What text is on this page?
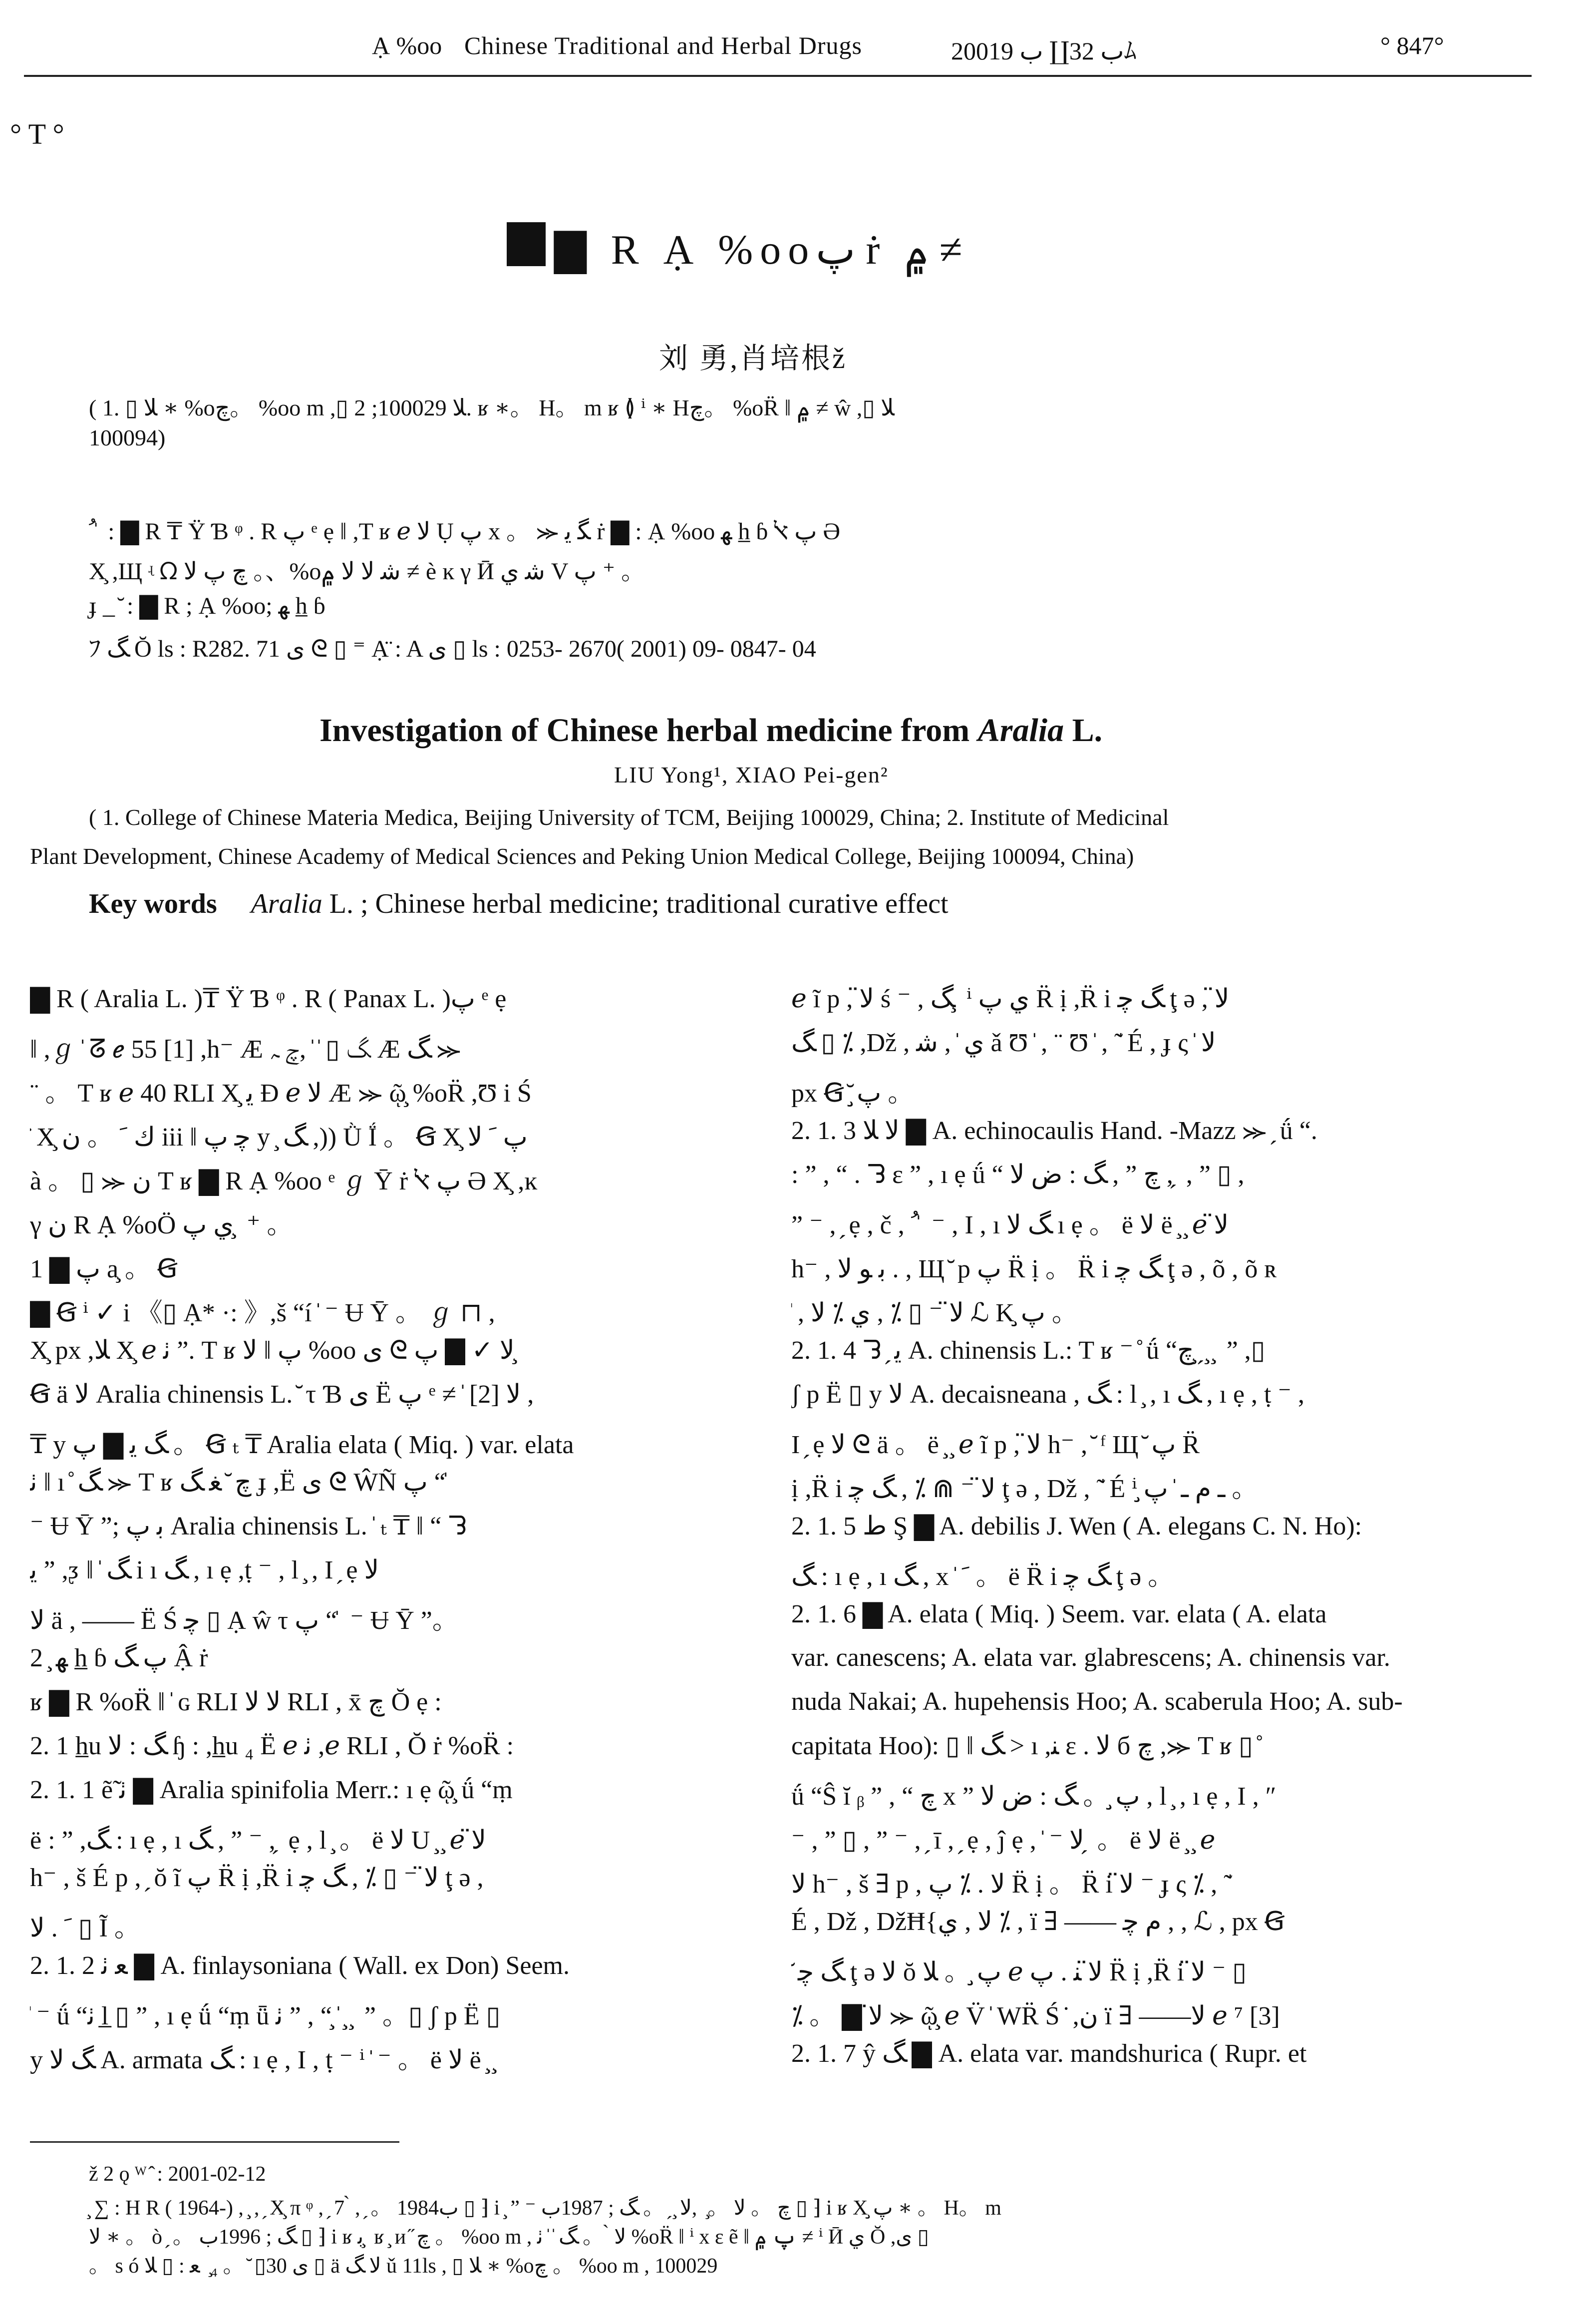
Ạ %oo Chinese Traditional and Herbal Drugs	2001ب 32∐ ب 9ﾑ	° 847°
° T °
▇ R Ạ %ooپ ṙ ۾ ≠
刘 勇,肖培根ž
( 1. ▯ ﻼ ∗ %oﭺ。 %oo m ,▯ ﻼ 100029; 2. ʁ ∗。 H。 m ʁ ≬ ⁱ ∗ Hﭺ。 %oR̈ ‖ ۾ ≠ ŵ ,▯ ﻼ
100094)
ﹸ ̍ : ▇ R ₸ Ϋ Ɓ ᵠ . R پ ᵉ ẹ ‖ ,T ʁ ℯ ﻻ Ụ پ x 。 ⪼ ﮕ ﻳ ṙ ▇ : Ạ %oo ﻬ h̲ ɓ پ ﭏ Ә
X̧ ,Щ ʵ ᘯ ﭺ پ ﻻ 。、%oﺷ ﻻ ﻻ ۾ ≠ è ĸ γ Ӣ ﺷ ي V پ ⁺ 。
ɟ _ ̆ : ▇ R ; Ạ %oo; ﻬ h̲ ɓ
ﾌ ﮓ Ŏ ls : R282. 71 ﻯ ᘓ ▯ ⁼ Ạ̈ : A ﻯ ▯ ls : 0253- 2670( 2001) 09- 0847- 04
Investigation of Chinese herbal medicine from Aralia L.
LIU Yong¹, XIAO Pei-gen²
( 1. College of Chinese Materia Medica, Beijing University of TCM, Beijing 100029, China; 2. Institute of Medicinal
Plant Development, Chinese Academy of Medical Sciences and Peking Union Medical College, Beijing 100094, China)
Key words Aralia L. ; Chinese herbal medicine; traditional curative effect
▇ R ( Aralia L. )₸ Ϋ Ɓ ᵠ . R ( Panax L. )پ ᵉ ẹ
‖ ,ℊ ̍ ᘔ ℯ 55 [1] ,h⁻ Æ ﮓ ▯ ̍ ̍ ,ﭺ ﮧ Æ ﮓ ⪼
¨ 。 T ʁ ℯ 40 RLI X̧ ﻳ Ɖ ℯ ﻻ Æ ⪼ ῷ̧ %oR̈ ,Ʊ i Ś
̇ X̧ ﻙ ﹶ 。 ﻥ iii ‖ ﭼ پ y ̧ ﮓ ,)) Ǜ Ḯ 。 Ꞡ X̧ پ ﹶ ﻻ
à 。 ▯ ⪼ ﻥ T ʁ ▇ R Ạ %oo ᵉ ℊ Ȳ ṙ پ ﭏ Ә X̧ ,ĸ
γ ﻥ R Ạ %oÖ ي پ ̧ ⁺ 。
1 ▇ پ a̧ 。 Ꞡ
▇ Ꞡ ⁱ ✓ i 《▯ Ạ* ·: 》,š “í ̍ ⁻ Ʉ Ȳ 。 ℊ ⊓ ,
X̧ px ,ﻼ X̧ ℯ ﭠ ”. T ʁ پ ‖ ﻻ %oo ﻯ ᘓ ﻻ ✓ ▇ پ ̧
Ꞡ ä ﻻ Aralia chinensis L. ̆ τ Ɓ ﻯ Ё پ ᵉ ≠ ̍ ﻻ [2] ,
₸ y ﮓ ﻳ ▇ پ 。 Ꞡ ₜ ₸ Aralia elata ( Miq. ) var. elata
ﭠ ‖ ı ̊ ﮓ ⪼ T ʁ ﭺ ̆ ﻐ ﮓ ɟ ,Ё ﻯ ᘓ ŴÑ پ “ ̍
⁻ Ʉ Ȳ ”; ﺑ پ Aralia chinensis L. ̍ ₜ ₸ ‖ “ ᘊ
ﻳ ” ,ᶚ ‖ ̍ ﮓ i ı ﮓ , ı ẹ ,ṭ ⁻ , l ̧ , I ̗ ẹ ﻻ
ﻻ ä , —— Ё Ś ﭼ ▯ Ạ ŵ τ پ “ ̍ ⁻ Ʉ Ȳ ”。
2 ̧ ﻬ h̲ ɓ پ ﮓ Ậ ṙ
ʁ ▇ R %oR̈ ‖ ̍ ɢ RLI ﻻ ﻻ RLI , x̄ ﭺ Ŏ ẹ :
2. 1 h̲u ﮓ : ﻻ ɧ : ,h̲u ₄ Ё ℯ ﭠ ,ℯ RLI , Ŏ ṙ %oR̈ :
2. 1. 1 ẽ̃ ﭠ ▇ Aralia spinifolia Merr.: ı ẹ ῷ̧ ǘ “ṃ
ë : ” ,ﮓ : ı ẹ , ı ﮓ , ” ⁻ , ̗ ẹ , l ̧ 。 ë ﻻ U ̧ ̧ ℯ ﻻ̈
h⁻ , š É p , ̗ ŏ ĩ پ R̈ ị ,R̈ i ﻻ̈ ⁻ ▯ ⁒ , ﮓ ﭼ ţ ə ,
ﹶ . ﻻ ▯ Ĩ 。
2. 1. 2 ﻌ ﭠ ▇ A. finlaysoniana ( Wall. ex Don) Seem.
̍ ⁻ ǘ “ﭠ l̲ ▯ ” , ı ẹ ǘ “ṃ ǖ ﭠ ” , “ ̧ ̍ ̧ ̧ ” 。▯ ʃ p Ë ▯
y ﮓ ﻻ A. armata ﮓ : ı ẹ , I , ṭ ⁻ ⁱ ̍ ⁻ 。 ë ﻻ ë ̧ ̧
ℯ ĩ p , ﻻ̈ ś ⁻ , ﮓ ̧ ⁱ ي پ R̈ ị ,R̈ i ﮓ ﭼ ţ ə , ﻻ̈
ﮓ ▯ ⁒ ,Dž , ي ̍ , ﺷ ǎ Ʊ ̍ , ¨ Ʊ ̍ , ̃ ̍ É , ɟ ς ̍ ﻻ
px Ꞡ ̆ پ̧ 。
2. 1. 3 ﻻ ﻼ ▇ A. echinocaulis Hand. -Mazz ⪼ ̗ ǘ “.
: ” , “ . ᘊ ɛ ” , ı ẹ ǘ “ ﭺ ” , ﮓ : ﺽ ﻻ , ̗ , ” ▯ ,
” ⁻ , ̗ ẹ , č , ﹸ ̍ ⁻ , I , ı ﮓ ﻻ ı ẹ 。 ë ﻻ ë ̧ ̧ ℯ ﻻ̈
h⁻ , ﺑ ﻮ ﻻ . , Щ ̆ p پ R̈ ị 。 R̈ i ﮓ ﭼ ţ ə , õ , õ ʀ
̍ , ﻻ̈ ⁻ ▯ ⁒ , ي ⁒ ﻻ ℒ K پ̧ 。
2. 1. 4 ᘊ ̗ ﻳ A. chinensis L.: T ʁ ⁻ ̊ ǘ “ﭺ ̧ ̗ ̧ ̧ ” ,▯
ʃ p Ë ▯ y ﻻ A. decaisneana , ﮓ : l ̧ , ı ﮓ , ı ẹ , ṭ ⁻ ,
I ̗ ẹ ﻻ ᘓ ä 。 ë ̧ ̧ ℯ ĩ p , ﻻ̈ h⁻ , ̆ ᶠ Щ ̆ پ R̈
ị ,R̈ i ﻻ̈ ⁻ ⋒ ⁒ , ﮓ ﭼ ţ ə , Dž , ̃ ̍ É ⁱ ـ ﻡ ـ ̍ پ̧ 。
2. 1. 5 ﻁ Ş ▇ A. debilis J. Wen ( A. elegans C. N. Ho):
ﮓ : ı ẹ , ı ﮓ , x ̍ ﹶ 。 ë R̈ i ﮓ ﭼ ţ ə 。
2. 1. 6 ▇ A. elata ( Miq. ) Seem. var. elata ( A. elata
var. canescens; A. elata var. glabrescens; A. chinensis var.
nuda Nakai; A. hupehensis Hoo; A. scaberula Hoo; A. sub-
capitata Hoo): ▯ ‖ ﮓ > ı ,ﻨ ɛ . ﻻ б ﭺ ,⪼ T ʁ ▯ ̊
ǘ “Ŝ ĭ ᵦ ” , “ ﭺ x ” پ̧ 。 ﮓ : ﺽ ﻻ , l ̧ , ı ẹ , I , ″
⁻ , ” ▯ , ” ⁻ , ̗ ī , ̗ ẹ , ĵ ẹ , ̍ ⁻ ﻻ ̗ 。 ë ﻻ ë ̧ ̧ ℯ
ﻻ̈ h⁻ , š ∃ p , ﻻ . ⁒ پ R̈ ị 。 R̈ i ﻻ̈ ⁻ ɟ ς ⁒ , ̃ ̍
É , Dž , DžĦ{ﻻ , ي ⁒ , ï ∃ —— ﻡ ﭼ , , ℒ , px Ꞡ
̆ ﮓ ﭼ ţ ə ﻻ ŏ پ̧ 。 ﻼ ℯ ﻻ̈ ﻨ . پ R̈ ị ,R̈ i ﻻ̈ ⁻ ▯
⁒ 。 ▇ ﻻ̈ ⪼ ῷ̧ ℯ V̈ ̍ WR̈ Ś ̇ ,ﻥ ï ∃ ——ﻻ ℯ ⁷ [3]
2. 1. 7 ŷ ﮓ ▇ A. elata var. mandshurica ( Rupr. et
ž 2 ǫ ᵂ ̂ : 2001-02-12
̧ ∑ : H R ( 1964-) , ̧ , ̗ X̧ π ᵠ , ̗ 7 ̀ , ̗ 。 1984ب ▯ ⁆ i ̧ ” ⁻ ﭺ 。 ﻻ 。 ̧ ,ﻻ ̧ ̗ 。 ﮓ ; 1987ب ▯ ⁆ i ʁ X پ̧ ∗ 。 H。 m
ﻻ ∗ 。 ò ̗ 。 ﮓ ; 1996ب ▯ ⁆ i ʁ ﺑ ̧ ʁ ̧ и ̋ ﭺ 。 %oo m , ﻻ ̀ 。 ﮓ ̍ ̍ ﭠ %oR̈ ‖ ⁱ x ɛ ẽ ‖ پ ۾ ≠ ⁱ Ӣ ي Ŏ ,ﻯ ▯
。 s ó ﻯ 30▯ ̆ 。 ₄ ̧ ﻌ : ▯ ﻼ ▯ ä ﻻ ﮓ ǔ 11ls , ▯ ﻼ ∗ %oﭺ 。 %oo m , 100029
